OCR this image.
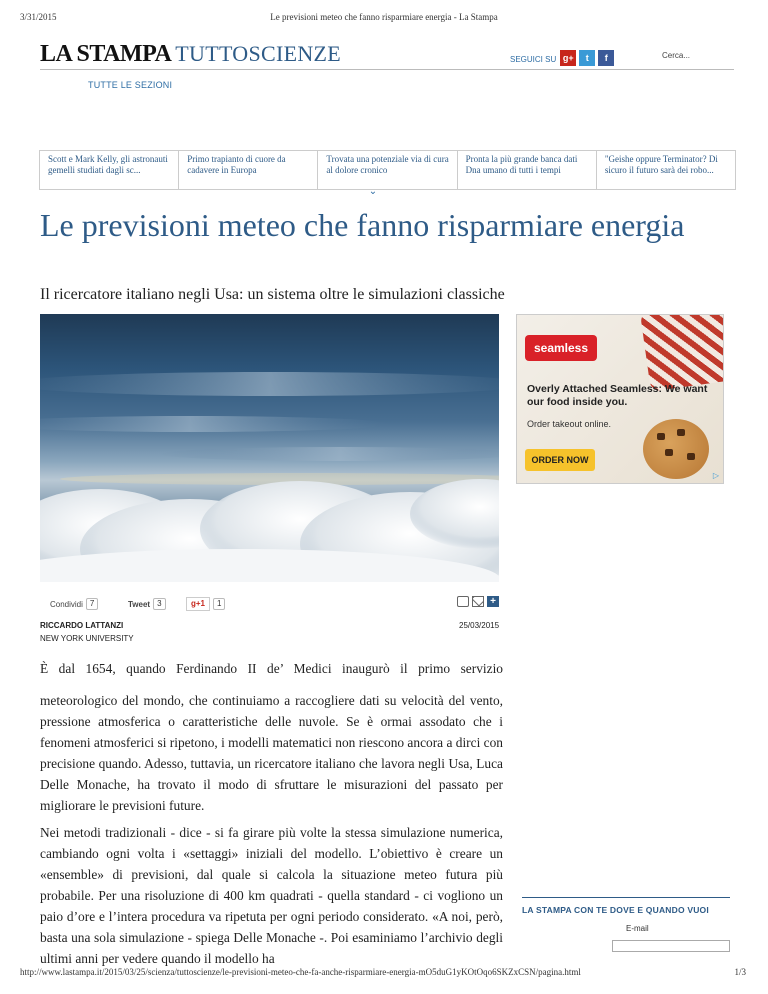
3/31/2015	Le previsioni meteo che fanno risparmiare energia - La Stampa
LA STAMPA TUTTOSCIENZE	SEGUICI SU g+	t	f	Cerca...
TUTTE LE SEZIONI
Scott e Mark Kelly, gli astronauti gemelli studiati dagli sc...
Primo trapianto di cuore da cadavere in Europa
Trovata una potenziale via di cura al dolore cronico
Pronta la più grande banca dati Dna umano di tutti i tempi
"Geishe oppure Terminator? Di sicuro il futuro sarà dei robo...
⌄
Le previsioni meteo che fanno risparmiare energia
Il ricercatore italiano negli Usa: un sistema oltre le simulazioni classiche
seamless
Overly Attached Seamless: We want our food inside you.
Order takeout online.
ORDER NOW
▷
Condividi 7	Tweet 3	g+1	1	+
RICCARDO LATTANZI
NEW YORK UNIVERSITY
25/03/2015

È dal 1654, quando Ferdinando II de’ Medici inaugurò il primo servizio

meteorologico del mondo, che continuiamo a raccogliere dati su velocità del vento, pressione atmosferica o caratteristiche delle nuvole. Se è ormai assodato che i fenomeni atmosferici si ripetono, i modelli matematici non riescono ancora a dirci con precisione quando. Adesso, tuttavia, un ricercatore italiano che lavora negli Usa, Luca Delle Monache, ha trovato il modo di sfruttare le misurazioni del passato per migliorare le previsioni future.

Nei metodi tradizionali - dice - si fa girare più volte la stessa simulazione numerica, cambiando ogni volta i «settaggi» iniziali del modello. L’obiettivo è creare un «ensemble» di previsioni, dal quale si calcola la situazione meteo futura più probabile. Per una risoluzione di 400 km quadrati - quella standard - ci vogliono un paio d’ore e l’intera procedura va ripetuta per ogni periodo considerato. «A noi, però, basta una sola simulazione - spiega Delle Monache -. Poi esaminiamo l’archivio degli ultimi anni per vedere quando il modello ha

LA STAMPA CON TE DOVE E QUANDO VUOI
E-mail
http://www.lastampa.it/2015/03/25/scienza/tuttoscienze/le-previsioni-meteo-che-fa-anche-risparmiare-energia-mO5duG1yKOtOqo6SKZxCSN/pagina.html	1/3
